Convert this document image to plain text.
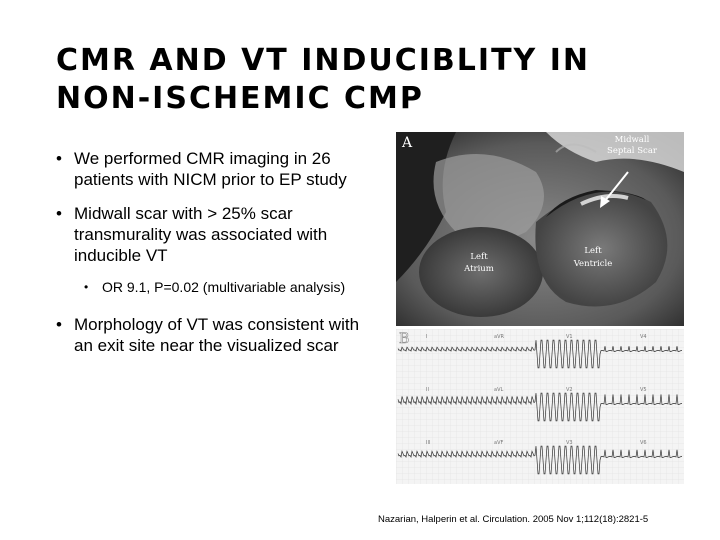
CMR AND VT INDUCIBLITY IN
NON-ISCHEMIC CMP
• We performed CMR imaging in 26 patients with NICM prior to EP study
• Midwall scar with > 25% scar transmurality was associated with inducible VT
• OR 9.1, P=0.02 (multivariable analysis)
• Morphology of VT was consistent with an exit site near the visualized scar
A	Midwall
Septal Scar
Left
Atrium
Left
Ventricle
B	I	aVR	V1	V4
II	aVL	V2	V5
III	aVF	V3	V6
Nazarian, Halperin et al. Circulation. 2005 Nov 1;112(18):2821-5
